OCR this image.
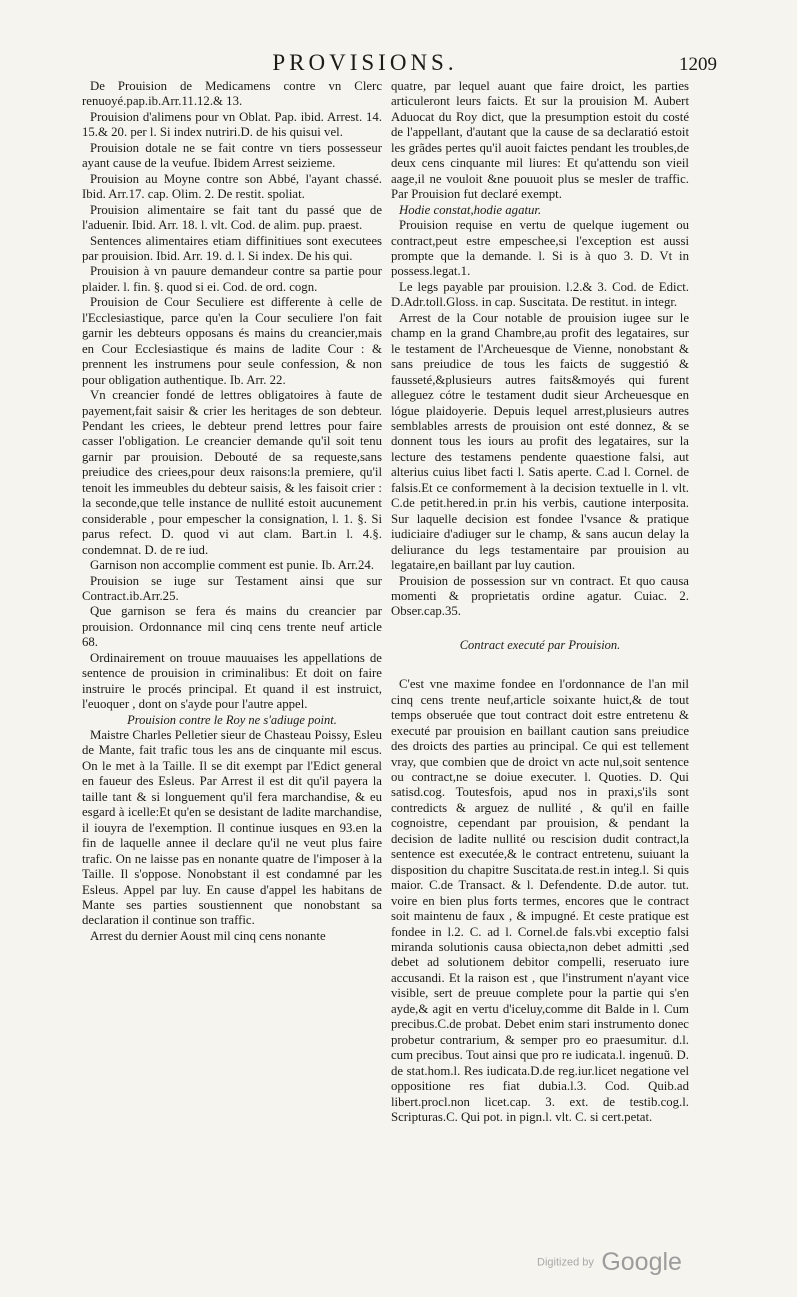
PROVISIONS.	1209

De Prouision de Medicamens contre vn Clerc renuoyé.pap.ib.Arr.11.12.& 13.

Prouision d'alimens pour vn Oblat. Pap. ibid. Arrest. 14. 15.& 20. per l. Si index nutriri.D. de his quisui vel.

Prouision dotale ne se fait contre vn tiers possesseur ayant cause de la veufue. Ibidem Arrest seizieme.

Prouision au Moyne contre son Abbé, l'ayant chassé. Ibid. Arr.17. cap. Olim. 2. De restit. spoliat.

Prouision alimentaire se fait tant du passé que de l'aduenir. Ibid. Arr. 18. l. vlt. Cod. de alim. pup. praest.

Sentences alimentaires etiam diffinitiues sont executees par prouision. Ibid. Arr. 19. d. l. Si index. De his qui.

Prouision à vn pauure demandeur contre sa partie pour plaider. l. fin. §. quod si ei. Cod. de ord. cogn.

Prouision de Cour Seculiere est differente à celle de l'Ecclesiastique, parce qu'en la Cour seculiere l'on fait garnir les debteurs opposans és mains du creancier,mais en Cour Ecclesiastique és mains de ladite Cour : & prennent les instrumens pour seule confession, & non pour obligation authentique. Ib. Arr. 22.

Vn creancier fondé de lettres obligatoires à faute de payement,fait saisir & crier les heritages de son debteur. Pendant les criees, le debteur prend lettres pour faire casser l'obligation. Le creancier demande qu'il soit tenu garnir par prouision. Debouté de sa requeste,sans preiudice des criees,pour deux raisons:la premiere, qu'il tenoit les immeubles du debteur saisis, & les faisoit crier : la seconde,que telle instance de nullité estoit aucunement considerable , pour empescher la consignation, l. 1. §. Si parus refect. D. quod vi aut clam. Bart.in l. 4.§. condemnat. D. de re iud.

Garnison non accomplie comment est punie. Ib. Arr.24.

Prouision se iuge sur Testament ainsi que sur Contract.ib.Arr.25.

Que garnison se fera és mains du creancier par prouision. Ordonnance mil cinq cens trente neuf article 68.

Ordinairement on trouue mauuaises les appellations de sentence de prouision in criminalibus: Et doit on faire instruire le procés principal. Et quand il est instruict, l'euoquer , dont on s'ayde pour l'autre appel.

Prouision contre le Roy ne s'adiuge point.

Maistre Charles Pelletier sieur de Chasteau Poissy, Esleu de Mante, fait trafic tous les ans de cinquante mil escus. On le met à la Taille. Il se dit exempt par l'Edict general en faueur des Esleus. Par Arrest il est dit qu'il payera la taille tant & si longuement qu'il fera marchandise, & eu esgard à icelle:Et qu'en se desistant de ladite marchandise, il iouyra de l'exemption. Il continue iusques en 93.en la fin de laquelle annee il declare qu'il ne veut plus faire trafic. On ne laisse pas en nonante quatre de l'imposer à la Taille. Il s'oppose. Nonobstant il est condamné par les Esleus. Appel par luy. En cause d'appel les habitans de Mante ses parties soustiennent que nonobstant sa declaration il continue son traffic.

Arrest du dernier Aoust mil cinq cens nonante

quatre, par lequel auant que faire droict, les parties articuleront leurs faicts. Et sur la prouision M. Aubert Aduocat du Roy dict, que la presumption estoit du costé de l'appellant, d'autant que la cause de sa declaratió estoit les grãdes pertes qu'il auoit faictes pendant les troubles,de deux cens cinquante mil liures: Et qu'attendu son vieil aage,il ne vouloit &ne pouuoit plus se mesler de traffic. Par Prouision fut declaré exempt.

Hodie constat,hodie agatur.

Prouision requise en vertu de quelque iugement ou contract,peut estre empeschee,si l'exception est aussi prompte que la demande. l. Si is à quo 3. D. Vt in possess.legat.1.

Le legs payable par prouision. l.2.& 3. Cod. de Edict. D.Adr.toll.Gloss. in cap. Suscitata. De restitut. in integr.

Arrest de la Cour notable de prouision iugee sur le champ en la grand Chambre,au profit des legataires, sur le testament de l'Archeuesque de Vienne, nonobstant & sans preiudice de tous les faicts de suggestió & fausseté,&plusieurs autres faits&moyés qui furent alleguez cótre le testament dudit sieur Archeuesque en lógue plaidoyerie. Depuis lequel arrest,plusieurs autres semblables arrests de prouision ont esté donnez, & se donnent tous les iours au profit des legataires, sur la lecture des testamens pendente quaestione falsi, aut alterius cuius libet facti l. Satis aperte. C.ad l. Cornel. de falsis.Et ce conformement à la decision textuelle in l. vlt. C.de petit.hered.in pr.in his verbis, cautione interposita. Sur laquelle decision est fondee l'vsance & pratique iudiciaire d'adiuger sur le champ, & sans aucun delay la deliurance du legs testamentaire par prouision au legataire,en baillant par luy caution.

Prouision de possession sur vn contract. Et quo causa momenti & proprietatis ordine agatur. Cuiac. 2. Obser.cap.35.

Contract executé par Prouision.

C'est vne maxime fondee en l'ordonnance de l'an mil cinq cens trente neuf,article soixante huict,& de tout temps obseruée que tout contract doit estre entretenu & executé par prouision en baillant caution sans preiudice des droicts des parties au principal. Ce qui est tellement vray, que combien que de droict vn acte nul,soit sentence ou contract,ne se doiue executer. l. Quoties. D. Qui satisd.cog. Toutesfois, apud nos in praxi,s'ils sont contredicts & arguez de nullité , & qu'il en faille cognoistre, cependant par prouision, & pendant la decision de ladite nullité ou rescision dudit contract,la sentence est executée,& le contract entretenu, suiuant la disposition du chapitre Suscitata.de rest.in integ.l. Si quis maior. C.de Transact. & l. Defendente. D.de autor. tut. voire en bien plus forts termes, encores que le contract soit maintenu de faux , & impugné. Et ceste pratique est fondee in l.2. C. ad l. Cornel.de fals.vbi exceptio falsi miranda solutionis causa obiecta,non debet admitti ,sed debet ad solutionem debitor compelli, reseruato iure accusandi. Et la raison est , que l'instrument n'ayant vice visible, sert de preuue complete pour la partie qui s'en ayde,& agit en vertu d'iceluy,comme dit Balde in l. Cum precibus.C.de probat. Debet enim stari instrumento donec probetur contrarium, & semper pro eo praesumitur. d.l. cum precibus. Tout ainsi que pro re iudicata.l. ingenuũ. D. de stat.hom.l. Res iudicata.D.de reg.iur.licet negatione vel oppositione res fiat dubia.l.3. Cod. Quib.ad libert.procl.non licet.cap. 3. ext. de testib.cog.l. Scripturas.C. Qui pot. in pign.l. vlt. C. si cert.petat.

Digitized by Google
